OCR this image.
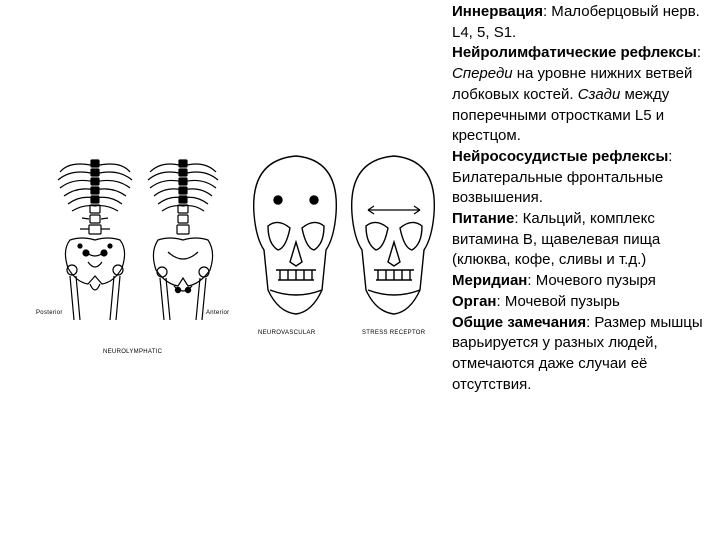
Posterior	Anterior
NEUROLYMPHATIC
NEUROVASCULAR	STRESS RECEPTOR

Иннервация: Малоберцовый нерв. L4, 5, S1.

Нейролимфатические рефлексы: Спереди на уровне нижних ветвей лобковых костей. Сзади между поперечными отростками L5 и крестцом.

Нейрососудистые рефлексы: Билатеральные фронтальные возвышения.

Питание: Кальций, комплекс витамина B, щавелевая пища (клюква, кофе, сливы и т.д.)

Меридиан: Мочевого пузыря

Орган: Мочевой пузырь

Общие замечания: Размер мышцы варьируется у разных людей, отмечаются даже случаи её отсутствия.
